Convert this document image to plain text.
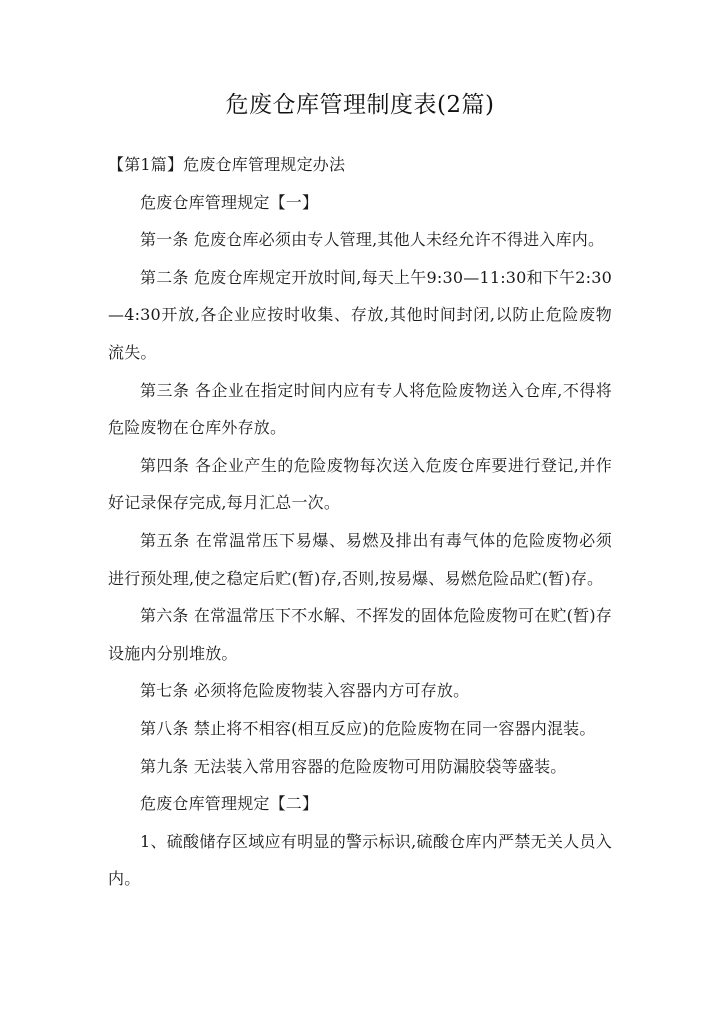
危废仓库管理制度表(2篇)

【第1篇】危废仓库管理规定办法

危废仓库管理规定【一】

第一条 危废仓库必须由专人管理,其他人未经允许不得进入库内。

第二条 危废仓库规定开放时间,每天上午9:30—11:30和下午2:30—4:30开放,各企业应按时收集、存放,其他时间封闭,以防止危险废物流失。

第三条 各企业在指定时间内应有专人将危险废物送入仓库,不得将危险废物在仓库外存放。

第四条 各企业产生的危险废物每次送入危废仓库要进行登记,并作好记录保存完成,每月汇总一次。

第五条 在常温常压下易爆、易燃及排出有毒气体的危险废物必须进行预处理,使之稳定后贮(暂)存,否则,按易爆、易燃危险品贮(暂)存。

第六条 在常温常压下不水解、不挥发的固体危险废物可在贮(暂)存设施内分别堆放。

第七条 必须将危险废物装入容器内方可存放。

第八条 禁止将不相容(相互反应)的危险废物在同一容器内混装。

第九条 无法装入常用容器的危险废物可用防漏胶袋等盛装。

危废仓库管理规定【二】

1、硫酸储存区域应有明显的警示标识,硫酸仓库内严禁无关人员入内。
